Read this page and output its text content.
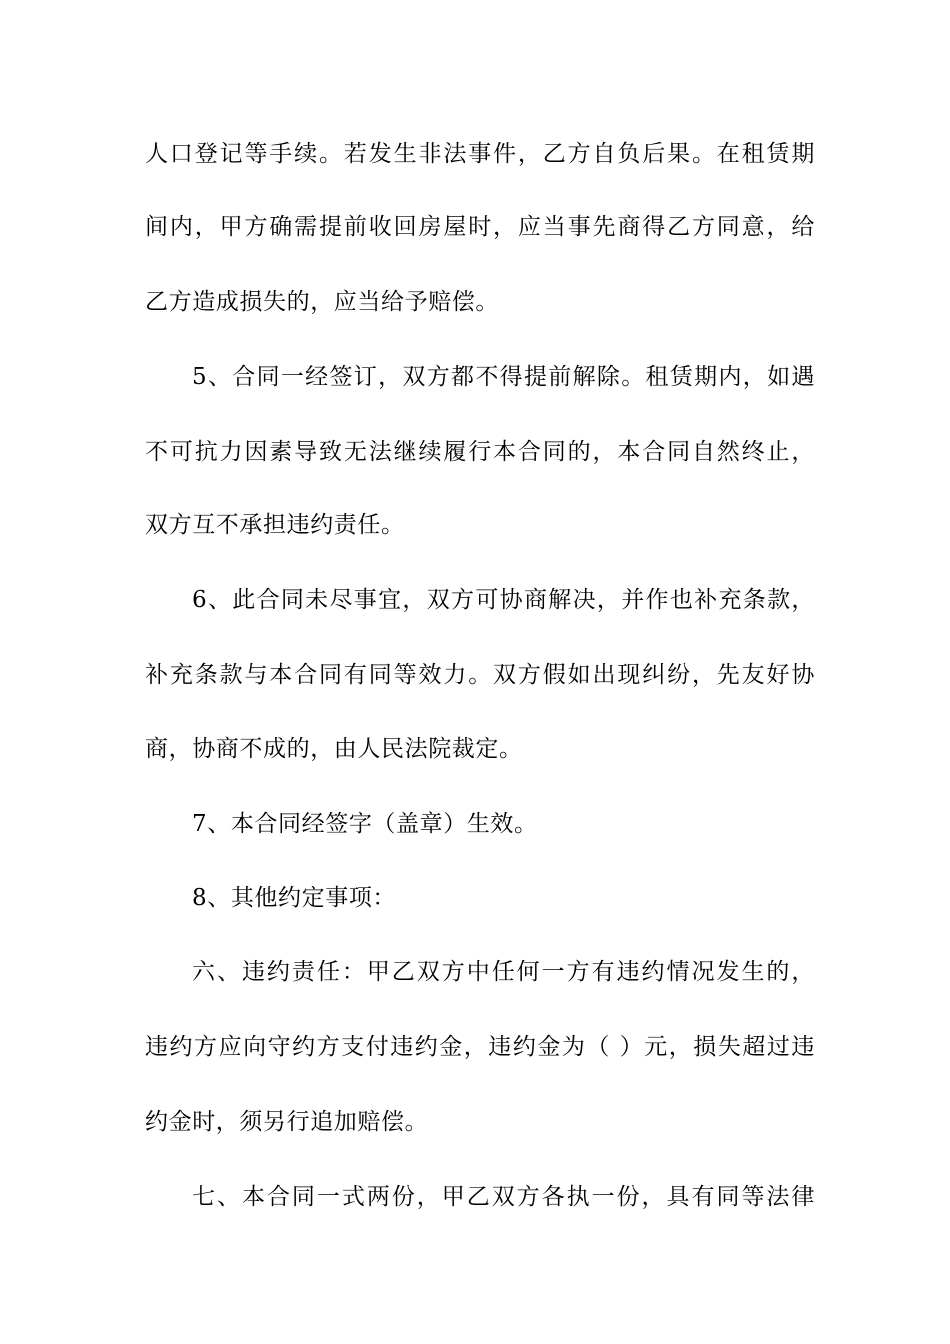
人口登记等手续。若发生非法事件，乙方自负后果。在租赁期
间内，甲方确需提前收回房屋时，应当事先商得乙方同意，给
乙方造成损失的，应当给予赔偿。
5、合同一经签订，双方都不得提前解除。租赁期内，如遇
不可抗力因素导致无法继续履行本合同的，本合同自然终止，
双方互不承担违约责任。
6、此合同未尽事宜，双方可协商解决，并作也补充条款，
补充条款与本合同有同等效力。双方假如出现纠纷，先友好协
商，协商不成的，由人民法院裁定。
7、本合同经签字（盖章）生效。
8、其他约定事项：
六、违约责任：甲乙双方中任何一方有违约情况发生的，
违约方应向守约方支付违约金，违约金为（ ）元，损失超过违
约金时，须另行追加赔偿。
七、本合同一式两份，甲乙双方各执一份，具有同等法律
